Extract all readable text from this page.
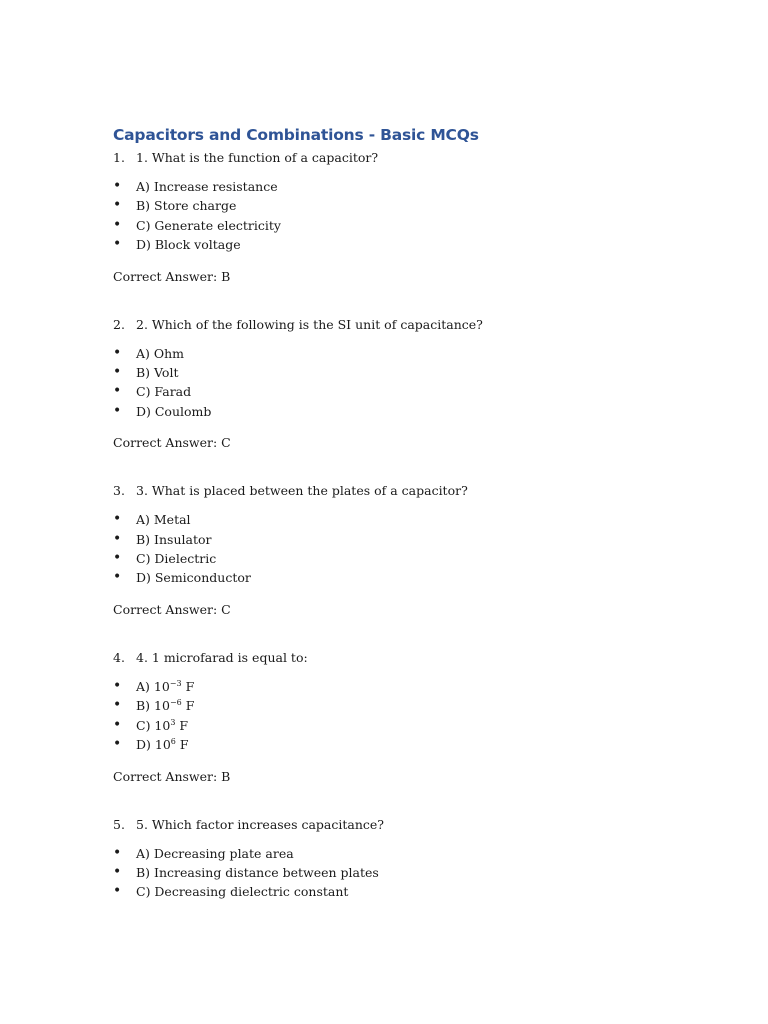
Capacitors and Combinations - Basic MCQs
1. 1. What is the function of a capacitor?
•	A) Increase resistance
•	B) Store charge
•	C) Generate electricity
•	D) Block voltage

Correct Answer: B

2. 2. Which of the following is the SI unit of capacitance?
•	A) Ohm
•	B) Volt
•	C) Farad
•	D) Coulomb

Correct Answer: C

3. 3. What is placed between the plates of a capacitor?
•	A) Metal
•	B) Insulator
•	C) Dielectric
•	D) Semiconductor

Correct Answer: C

4. 4. 1 microfarad is equal to:
•	A) $10^{-3}$ F
•	B) $10^{-6}$ F
•	C) $10^3$ F
•	D) $10^6$ F

Correct Answer: B

5. 5. Which factor increases capacitance?
•	A) Decreasing plate area
•	B) Increasing distance between plates
•	C) Decreasing dielectric constant
